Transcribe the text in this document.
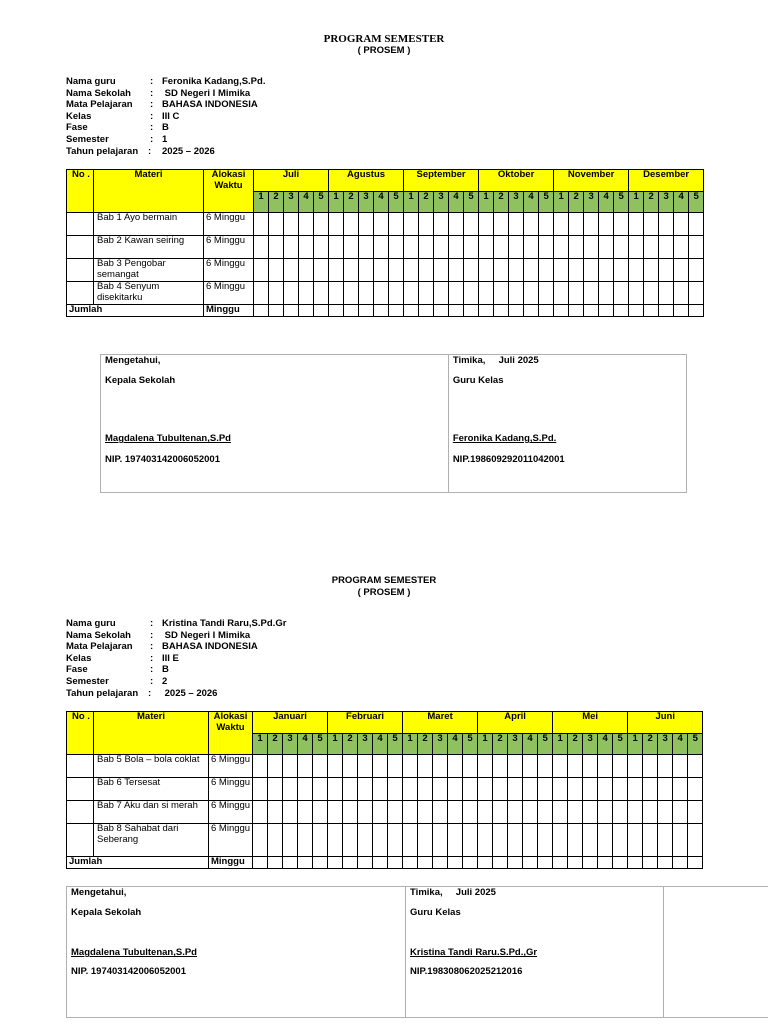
PROGRAM SEMESTER
( PROSEM )
Nama guru	: Feronika Kadang,S.Pd.
Nama Sekolah	: SD Negeri I Mimika
Mata Pelajaran	: BAHASA INDONESIA
Kelas	: III C
Fase	: B
Semester	: 1
Tahun pelajaran	:	2025 – 2026
No .	Materi	Alokasi Waktu	Juli					Agustus					September					Oktober					November					Desember				
			1	2	3	4	5	1	2	3	4	5	1	2	3	4	5	1	2	3	4	5	1	2	3	4	5	1	2	3	4	5
	Bab 1 Ayo bermain	6 Minggu																														
	Bab 2 Kawan seiring	6 Minggu																														
	Bab 3 Pengobar semangat	6 Minggu																														
	Bab 4 Senyum disekitarku	6 Minggu																														
Jumlah		Minggu																														
Mengetahui,
Kepala Sekolah
Magdalena Tubultenan,S.Pd
NIP. 197403142006052001
Timika,     Juli 2025
Guru Kelas
Feronika Kadang,S.Pd.
NIP.198609292011042001
PROGRAM SEMESTER
( PROSEM )
Nama guru	: Kristina Tandi Raru,S.Pd.Gr
Nama Sekolah	: SD Negeri I Mimika
Mata Pelajaran	: BAHASA INDONESIA
Kelas	: III E
Fase	: B
Semester	: 2
Tahun pelajaran	:	2025 – 2026
No .	Materi	Alokasi Waktu	Januari					Februari					Maret					April					Mei					Juni				
			1	2	3	4	5	1	2	3	4	5	1	2	3	4	5	1	2	3	4	5	1	2	3	4	5	1	2	3	4	5
	Bab 5 Bola – bola coklat	6 Minggu																														
	Bab 6 Tersesat	6 Minggu																														
	Bab 7 Aku dan si merah	6 Minggu																														
	Bab 8 Sahabat dari Seberang	6 Minggu																														
Jumlah		Minggu																														
Mengetahui,
Kepala Sekolah
Magdalena Tubultenan,S.Pd
NIP. 197403142006052001
Timika,     Juli 2025
Guru Kelas
Kristina Tandi Raru.S.Pd.,Gr
NIP.198308062025212016
